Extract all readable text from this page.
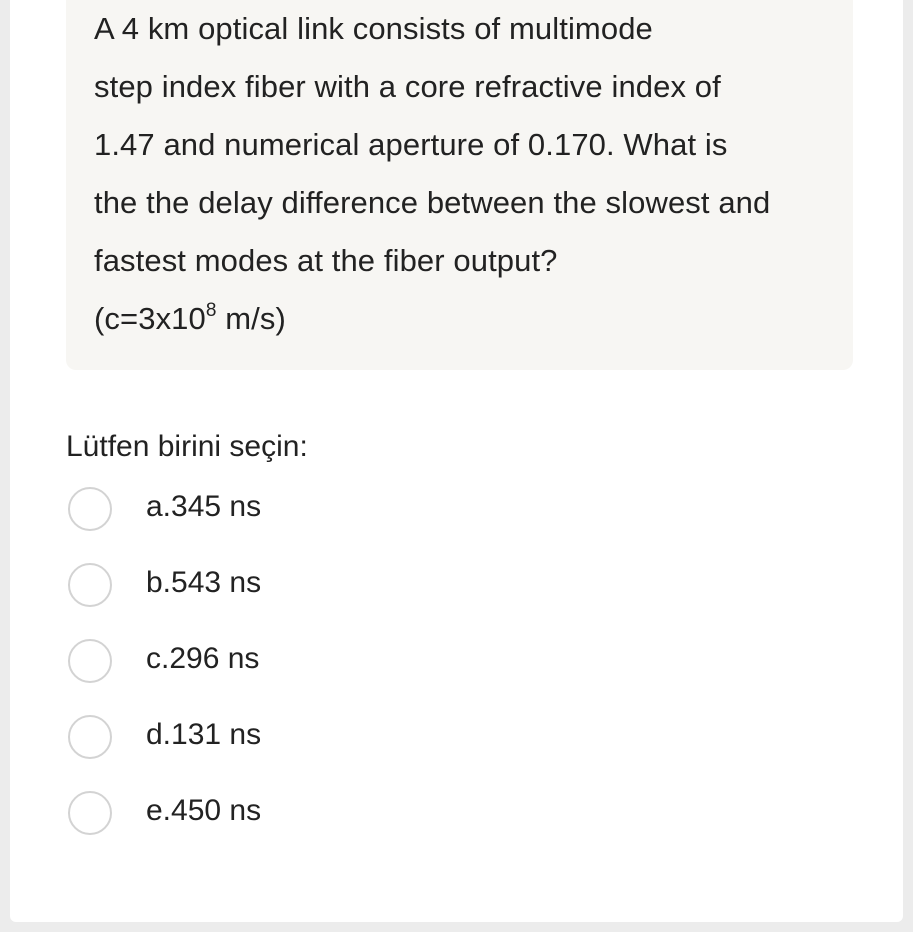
A 4 km optical link consists of multimode
step index fiber with a core refractive index of
1.47 and numerical aperture of 0.170. What is
the the delay difference between the slowest and
fastest modes at the fiber output?
($c=3x10^8$ m/s)
Lütfen birini seçin:
a.345 ns
b.543 ns
c.296 ns
d.131 ns
e.450 ns
